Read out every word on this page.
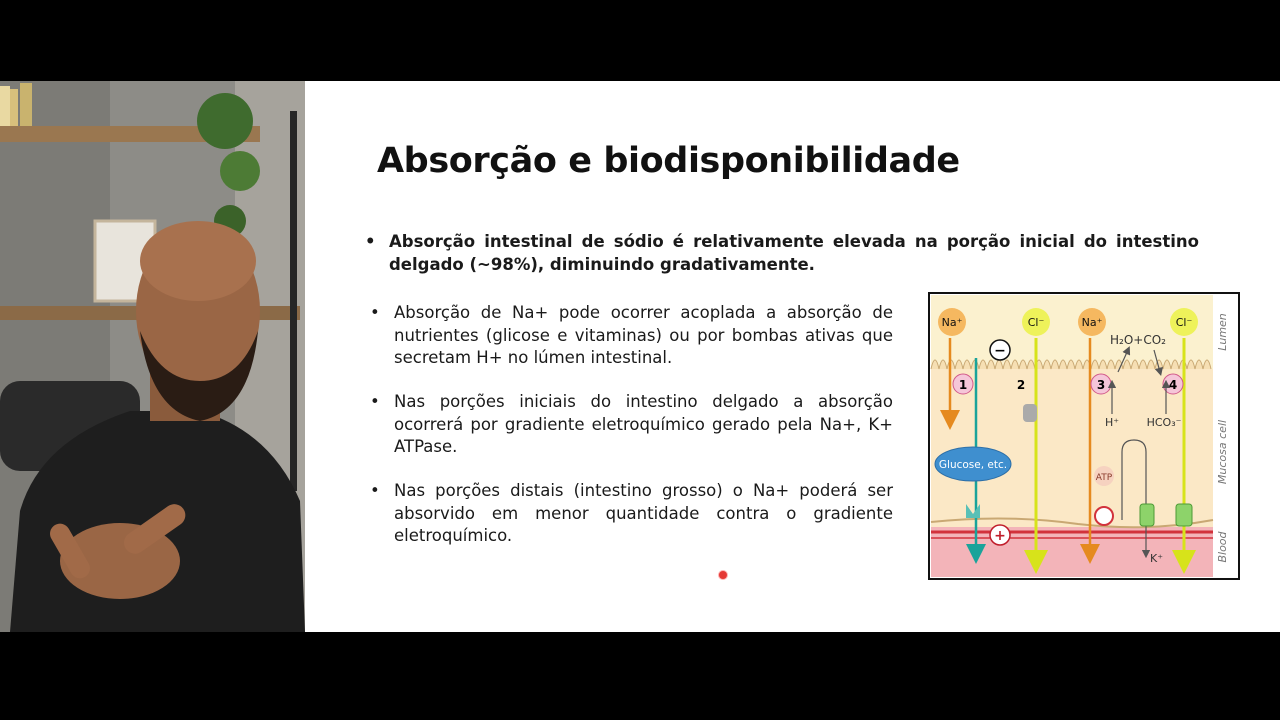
Absorção e biodisponibilidade
• Absorção intestinal de sódio é relativamente elevada na porção inicial do intestino delgado (~98%), diminuindo gradativamente.
• Absorção de Na+ pode ocorrer acoplada a absorção de nutrientes (glicose e vitaminas) ou por bombas ativas que secretam H+ no lúmen intestinal.
• Nas porções iniciais do intestino delgado a absorção ocorrerá por gradiente eletroquímico gerado pela Na+, K+ ATPase.
• Nas porções distais (intestino grosso) o Na+ poderá ser absorvido em menor quantidade contra o gradiente eletroquímico.
Lumen
Mucosa cell
Blood
Na⁺	Cl⁻	Na⁺	Cl⁻
−
+
1	2	3	4
Glucose, etc.
H₂O+CO₂
H⁺	HCO₃⁻
ATP
K⁺
